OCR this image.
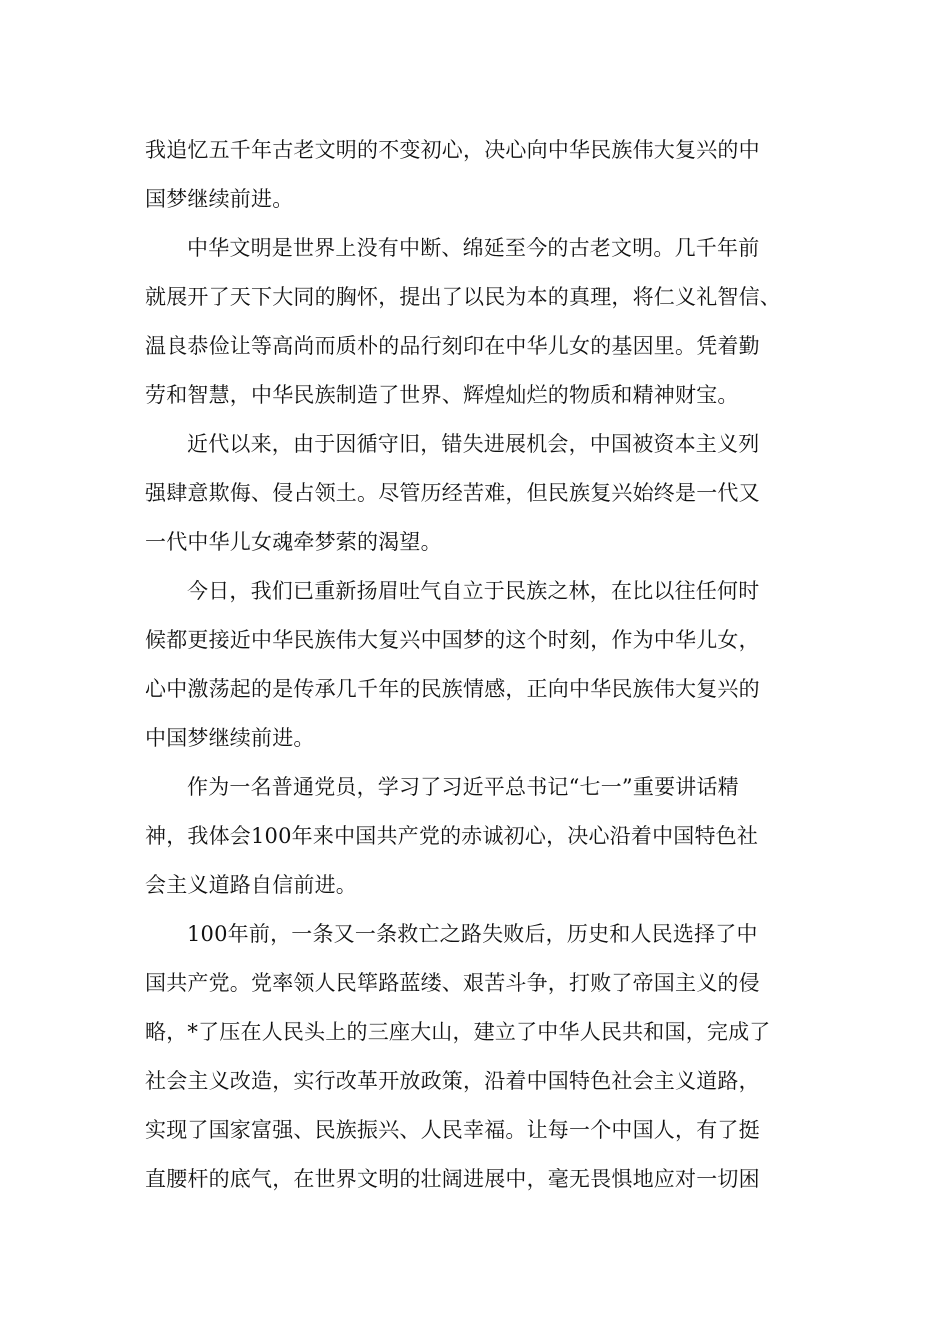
我追忆五千年古老文明的不变初心，决心向中华民族伟大复兴的中
国梦继续前进。
中华文明是世界上没有中断、绵延至今的古老文明。几千年前
就展开了天下大同的胸怀，提出了以民为本的真理，将仁义礼智信、
温良恭俭让等高尚而质朴的品行刻印在中华儿女的基因里。凭着勤
劳和智慧，中华民族制造了世界、辉煌灿烂的物质和精神财宝。
近代以来，由于因循守旧，错失进展机会，中国被资本主义列
强肆意欺侮、侵占领土。尽管历经苦难，但民族复兴始终是一代又
一代中华儿女魂牵梦萦的渴望。
今日，我们已重新扬眉吐气自立于民族之林，在比以往任何时
候都更接近中华民族伟大复兴中国梦的这个时刻，作为中华儿女，
心中激荡起的是传承几千年的民族情感，正向中华民族伟大复兴的
中国梦继续前进。
作为一名普通党员，学习了习近平总书记“七一”重要讲话精
神，我体会100年来中国共产党的赤诚初心，决心沿着中国特色社
会主义道路自信前进。
100年前，一条又一条救亡之路失败后，历史和人民选择了中
国共产党。党率领人民筚路蓝缕、艰苦斗争，打败了帝国主义的侵
略，*了压在人民头上的三座大山，建立了中华人民共和国，完成了
社会主义改造，实行改革开放政策，沿着中国特色社会主义道路，
实现了国家富强、民族振兴、人民幸福。让每一个中国人，有了挺
直腰杆的底气，在世界文明的壮阔进展中，毫无畏惧地应对一切困
